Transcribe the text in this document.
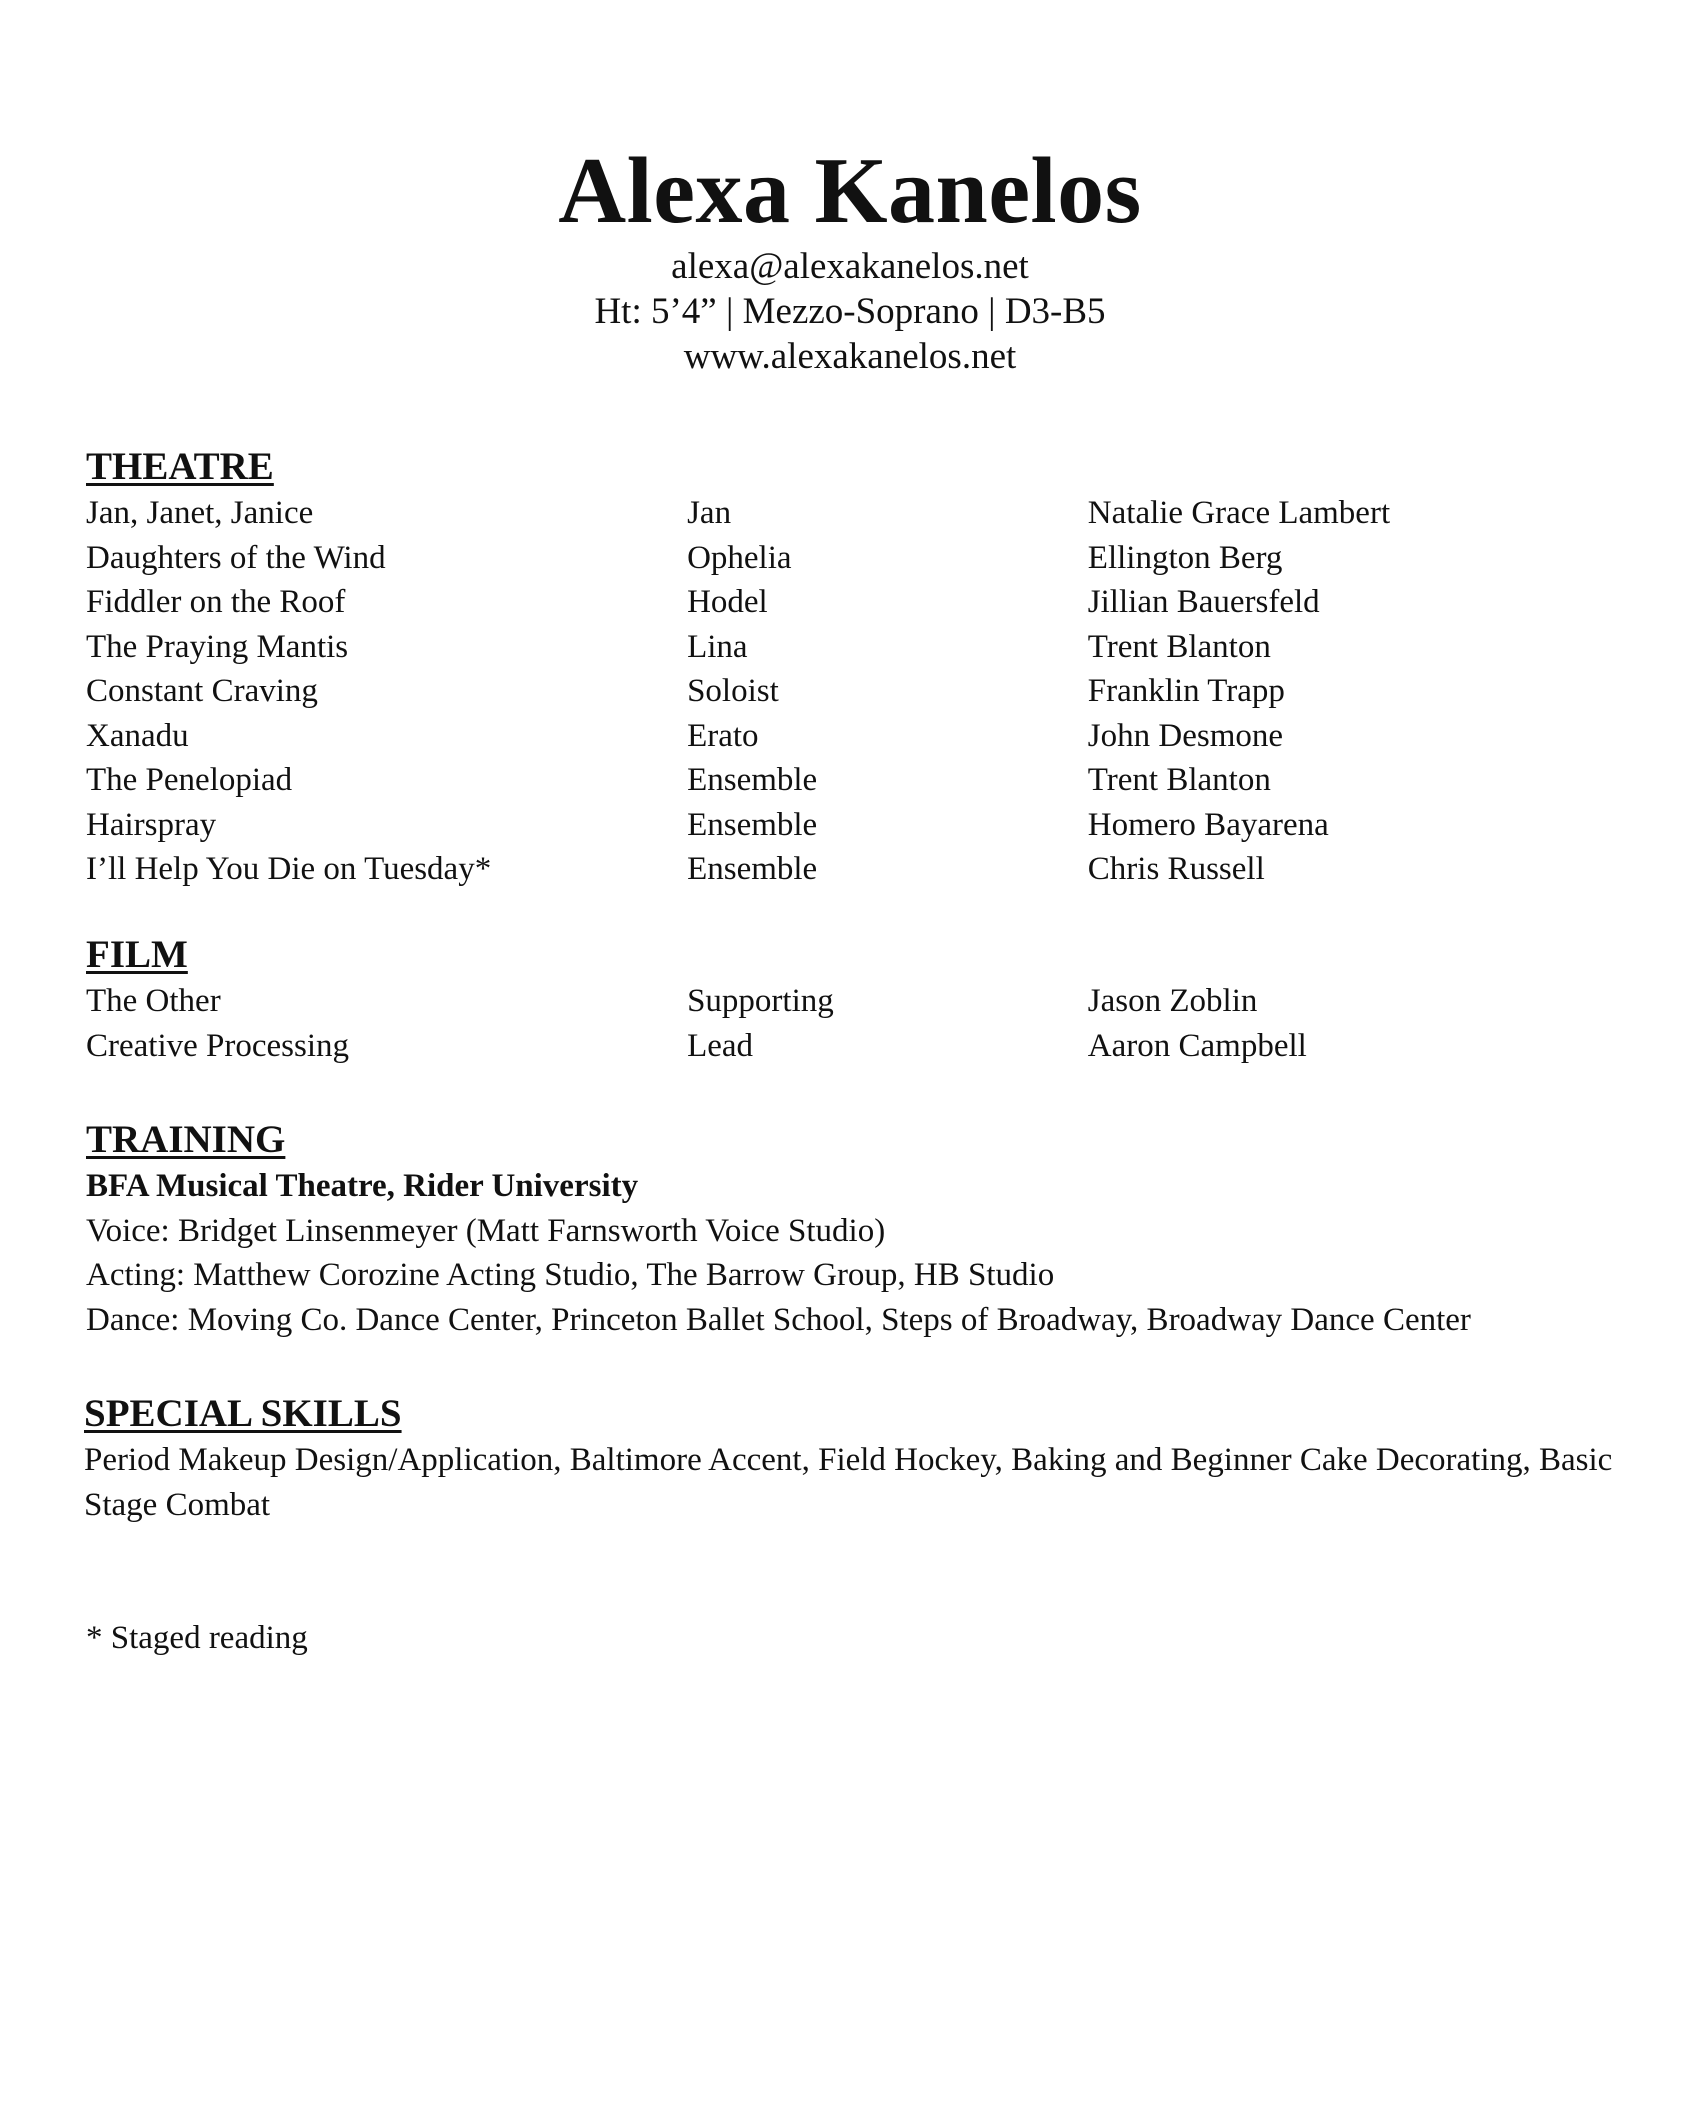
Alexa Kanelos
alexa@alexakanelos.net
Ht: 5’4” | Mezzo-Soprano | D3-B5
www.alexakanelos.net
THEATRE
Jan, Janet, Janice	Jan	Natalie Grace Lambert
Daughters of the Wind	Ophelia	Ellington Berg
Fiddler on the Roof	Hodel	Jillian Bauersfeld
The Praying Mantis	Lina	Trent Blanton
Constant Craving	Soloist	Franklin Trapp
Xanadu	Erato	John Desmone
The Penelopiad	Ensemble	Trent Blanton
Hairspray	Ensemble	Homero Bayarena
I’ll Help You Die on Tuesday*	Ensemble	Chris Russell
FILM
The Other	Supporting	Jason Zoblin
Creative Processing	Lead	Aaron Campbell
TRAINING
BFA Musical Theatre, Rider University
Voice: Bridget Linsenmeyer (Matt Farnsworth Voice Studio)
Acting: Matthew Corozine Acting Studio, The Barrow Group, HB Studio
Dance: Moving Co. Dance Center, Princeton Ballet School, Steps of Broadway, Broadway Dance Center
SPECIAL SKILLS
Period Makeup Design/Application, Baltimore Accent, Field Hockey, Baking and Beginner Cake Decorating, Basic Stage Combat
* Staged reading
